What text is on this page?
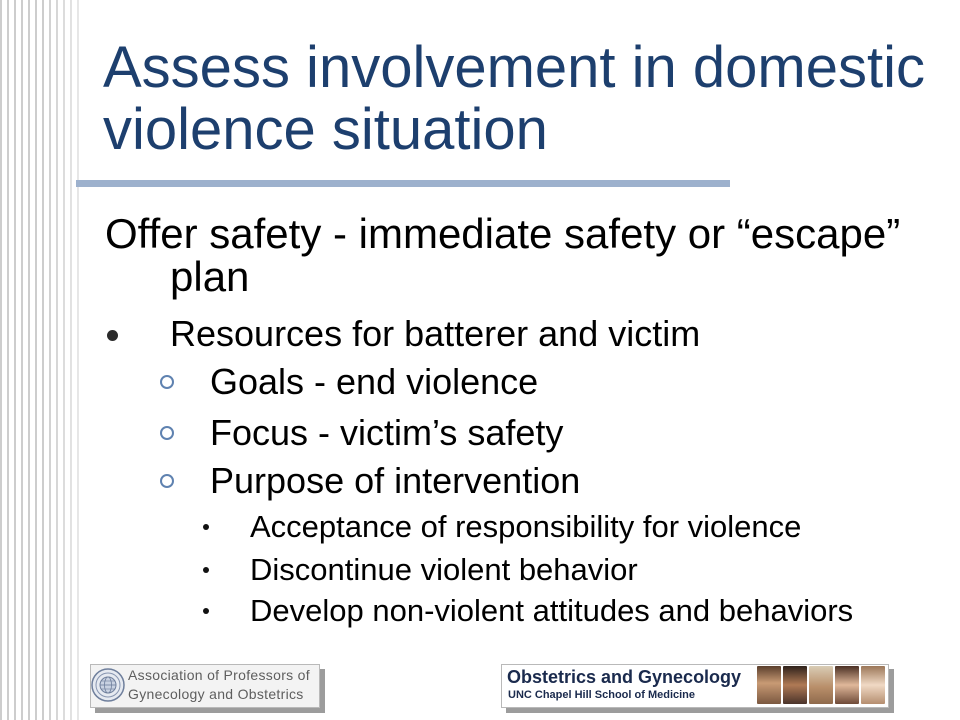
Assess involvement in domestic
violence situation
Offer safety - immediate safety or “escape”
plan
Resources for batterer and victim
Goals - end violence
Focus - victim’s safety
Purpose of intervention
Acceptance of responsibility for violence
Discontinue violent behavior
Develop non-violent attitudes and behaviors
Association of Professors of
Gynecology and Obstetrics
Obstetrics and Gynecology
UNC Chapel Hill School of Medicine
